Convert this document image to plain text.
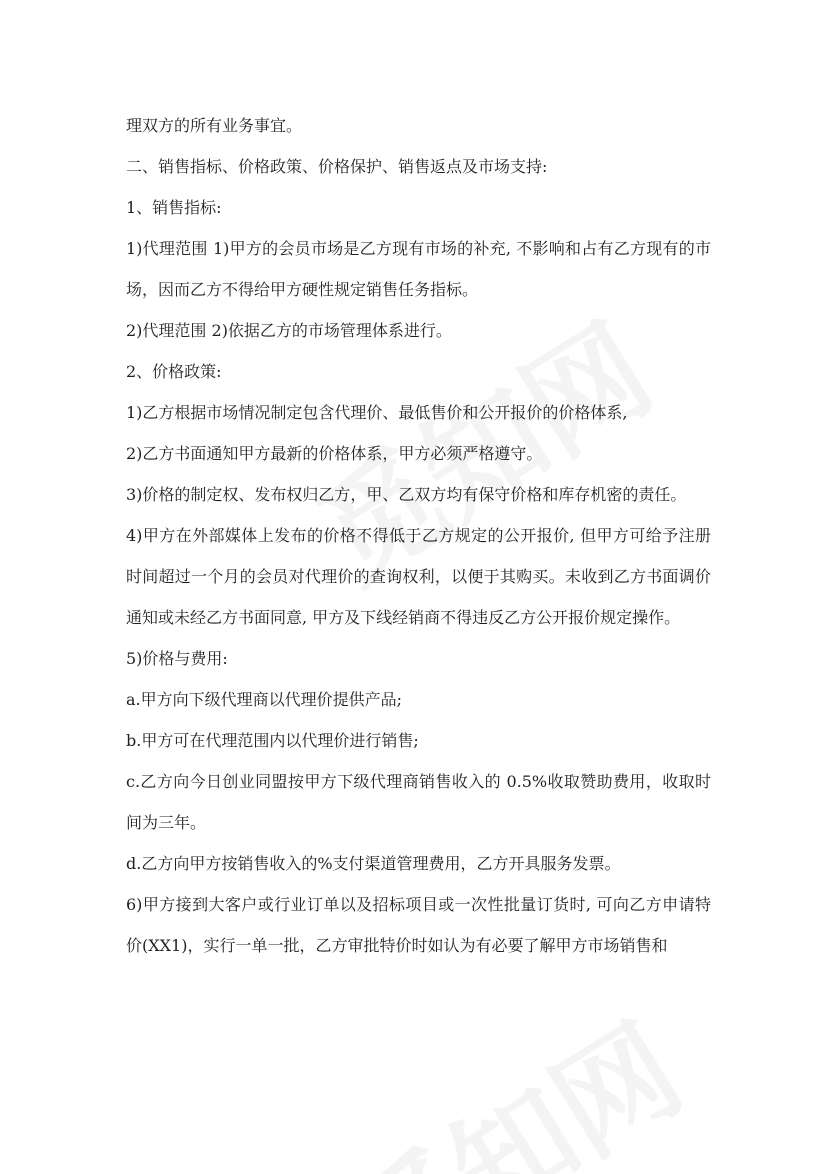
理双方的所有业务事宜。

二、销售指标、价格政策、价格保护、销售返点及市场支持:

1、销售指标:

1)代理范围 1)甲方的会员市场是乙方现有市场的补充, 不影响和占有乙方现有的市场，因而乙方不得给甲方硬性规定销售任务指标。

2)代理范围 2)依据乙方的市场管理体系进行。

2、价格政策:

1)乙方根据市场情况制定包含代理价、最低售价和公开报价的价格体系,

2)乙方书面通知甲方最新的价格体系，甲方必须严格遵守。

3)价格的制定权、发布权归乙方，甲、乙双方均有保守价格和库存机密的责任。

4)甲方在外部媒体上发布的价格不得低于乙方规定的公开报价, 但甲方可给予注册时间超过一个月的会员对代理价的查询权利，以便于其购买。未收到乙方书面调价通知或未经乙方书面同意, 甲方及下线经销商不得违反乙方公开报价规定操作。

5)价格与费用:

a.甲方向下级代理商以代理价提供产品;

b.甲方可在代理范围内以代理价进行销售;

c.乙方向今日创业同盟按甲方下级代理商销售收入的 0.5%收取赞助费用，收取时间为三年。

d.乙方向甲方按销售收入的%支付渠道管理费用，乙方开具服务发票。

6)甲方接到大客户或行业订单以及招标项目或一次性批量订货时, 可向乙方申请特价(XX1)，实行一单一批，乙方审批特价时如认为有必要了解甲方市场销售和
